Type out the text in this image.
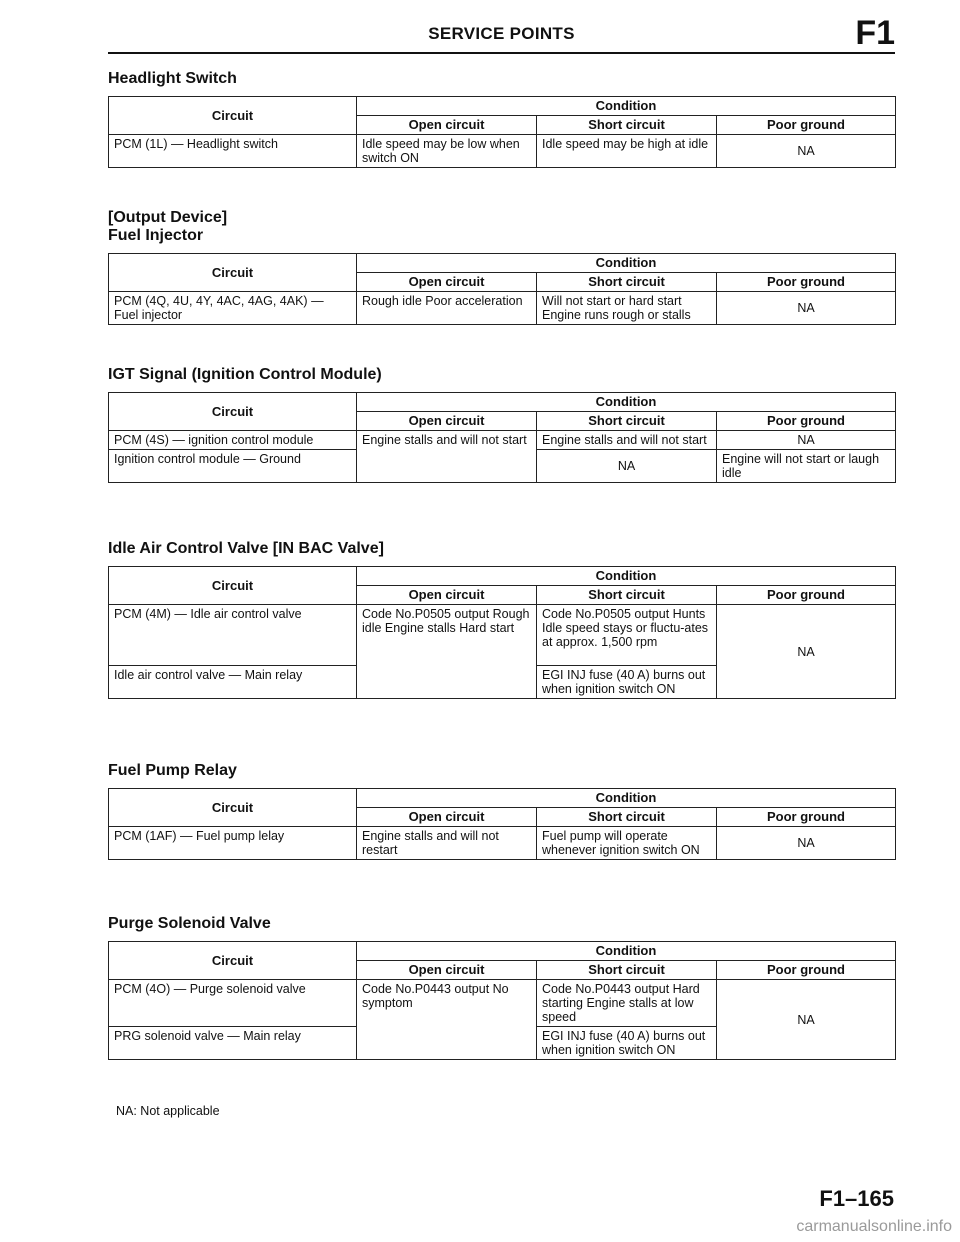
SERVICE POINTS	F1
Headlight Switch
Circuit	Condition		
	Open circuit	Short circuit	Poor ground
PCM (1L) — Headlight switch	Idle speed may be low when switch ON	Idle speed may be high at idle	NA
[Output Device]
Fuel Injector
Circuit	Condition		
	Open circuit	Short circuit	Poor ground
PCM (4Q, 4U, 4Y, 4AC, 4AG, 4AK) — Fuel injector	Rough idle Poor acceleration	Will not start or hard start Engine runs rough or stalls	NA
IGT Signal (Ignition Control Module)
Circuit	Condition		
	Open circuit	Short circuit	Poor ground
PCM (4S) — ignition control module	Engine stalls and will not start	Engine stalls and will not start	NA
Ignition control module — Ground		NA	Engine will not start or laugh idle
Idle Air Control Valve [IN BAC Valve]
Circuit	Condition		
	Open circuit	Short circuit	Poor ground
PCM (4M) — Idle air control valve	Code No.P0505 output Rough idle Engine stalls Hard start	Code No.P0505 output Hunts Idle speed stays or fluctu-ates at approx. 1,500 rpm	NA
Idle air control valve — Main relay		EGI INJ fuse (40 A) burns out when ignition switch ON	
Fuel Pump Relay
Circuit	Condition		
	Open circuit	Short circuit	Poor ground
PCM (1AF) — Fuel pump lelay	Engine stalls and will not restart	Fuel pump will operate whenever ignition switch ON	NA
Purge Solenoid Valve
Circuit	Condition		
	Open circuit	Short circuit	Poor ground
PCM (4O) — Purge solenoid valve	Code No.P0443 output No symptom	Code No.P0443 output Hard starting Engine stalls at low speed	NA
PRG solenoid valve — Main relay		EGI INJ fuse (40 A) burns out when ignition switch ON	
NA: Not applicable
F1–165
carmanualsonline.info
